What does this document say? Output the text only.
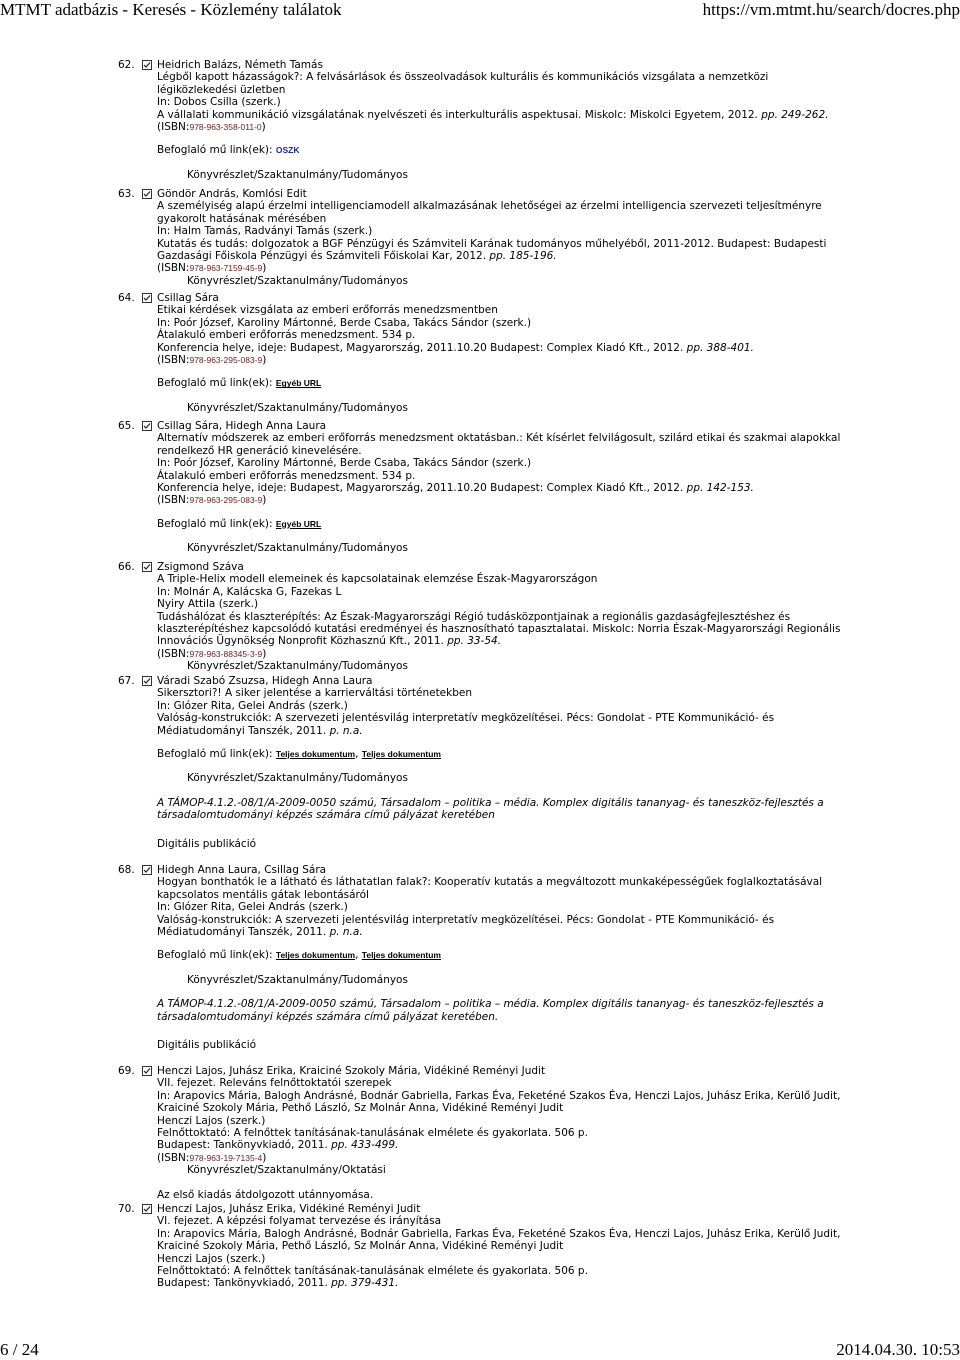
MTMT adatbázis - Keresés - Közlemény találatok	https://vm.mtmt.hu/search/docres.php
62. Heidrich Balázs, Németh Tamás
Légből kapott házasságok?: A felvásárlások és összeolvadások kulturális és kommunikációs vizsgálata a nemzetközi légiközlekedési üzletben
In: Dobos Csilla (szerk.)
A vállalati kommunikáció vizsgálatának nyelvészeti és interkulturális aspektusai. Miskolc: Miskolci Egyetem, 2012. pp. 249-262.
(ISBN:978-963-358-011-0)
Befoglaló mű link(ek): OSZK
Könyvrészlet/Szaktanulmány/Tudományos
63. Göndör András, Komlósi Edit
A személyiség alapú érzelmi intelligenciamodell alkalmazásának lehetőségei az érzelmi intelligencia szervezeti teljesítményre gyakorolt hatásának mérésében
In: Halm Tamás, Radványi Tamás (szerk.)
Kutatás és tudás: dolgozatok a BGF Pénzügyi és Számviteli Karának tudományos műhelyéből, 2011-2012. Budapest: Budapesti Gazdasági Főiskola Pénzügyi és Számviteli Főiskolai Kar, 2012. pp. 185-196.
(ISBN:978-963-7159-45-9)
Könyvrészlet/Szaktanulmány/Tudományos
64. Csillag Sára
Etikai kérdések vizsgálata az emberi erőforrás menedzsmentben
In: Poór József, Karoliny Mártonné, Berde Csaba, Takács Sándor (szerk.)
Átalakuló emberi erőforrás menedzsment. 534 p.
Konferencia helye, ideje: Budapest, Magyarország, 2011.10.20 Budapest: Complex Kiadó Kft., 2012. pp. 388-401.
(ISBN:978-963-295-083-9)
Befoglaló mű link(ek): Egyéb URL
Könyvrészlet/Szaktanulmány/Tudományos
65. Csillag Sára, Hidegh Anna Laura
Alternatív módszerek az emberi erőforrás menedzsment oktatásban.: Két kísérlet felvilágosult, szilárd etikai és szakmai alapokkal rendelkező HR generáció kinevelésére.
In: Poór József, Karoliny Mártonné, Berde Csaba, Takács Sándor (szerk.)
Átalakuló emberi erőforrás menedzsment. 534 p.
Konferencia helye, ideje: Budapest, Magyarország, 2011.10.20 Budapest: Complex Kiadó Kft., 2012. pp. 142-153.
(ISBN:978-963-295-083-9)
Befoglaló mű link(ek): Egyéb URL
Könyvrészlet/Szaktanulmány/Tudományos
66. Zsigmond Száva
A Triple-Helix modell elemeinek és kapcsolatainak elemzése Észak-Magyarországon
In: Molnár A, Kalácska G, Fazekas L
Nyiry Attila (szerk.)
Tudáshálózat és klaszterépítés: Az Észak-Magyarországi Régió tudásközpontjainak a regionális gazdaságfejlesztéshez és klaszterépítéshez kapcsolódó kutatási eredményei és hasznosítható tapasztalatai. Miskolc: Norria Észak-Magyarországi Regionális Innovációs Ügynökség Nonprofit Közhasznú Kft., 2011. pp. 33-54.
(ISBN:978-963-88345-3-9)
Könyvrészlet/Szaktanulmány/Tudományos
67. Váradi Szabó Zsuzsa, Hidegh Anna Laura
Sikersztori?! A siker jelentése a karrierváltási történetekben
In: Glózer Rita, Gelei András (szerk.)
Valóság-konstrukciók: A szervezeti jelentésvilág interpretatív megközelítései. Pécs: Gondolat - PTE Kommunikáció- és Médiatudományi Tanszék, 2011. p. n.a.
Befoglaló mű link(ek): Teljes dokumentum, Teljes dokumentum
Könyvrészlet/Szaktanulmány/Tudományos
A TÁMOP-4.1.2.-08/1/A-2009-0050 számú, Társadalom – politika – média. Komplex digitális tananyag- és taneszköz-fejlesztés a társadalomtudományi képzés számára című pályázat keretében
Digitális publikáció
68. Hidegh Anna Laura, Csillag Sára
Hogyan bonthatók le a látható és láthatatlan falak?: Kooperatív kutatás a megváltozott munkaképességűek foglalkoztatásával kapcsolatos mentális gátak lebontásáról
In: Glózer Rita, Gelei András (szerk.)
Valóság-konstrukciók: A szervezeti jelentésvilág interpretatív megközelítései. Pécs: Gondolat - PTE Kommunikáció- és Médiatudományi Tanszék, 2011. p. n.a.
Befoglaló mű link(ek): Teljes dokumentum, Teljes dokumentum
Könyvrészlet/Szaktanulmány/Tudományos
A TÁMOP-4.1.2.-08/1/A-2009-0050 számú, Társadalom – politika – média. Komplex digitális tananyag- és taneszköz-fejlesztés a társadalomtudományi képzés számára című pályázat keretében.
Digitális publikáció
69. Henczi Lajos, Juhász Erika, Kraiciné Szokoly Mária, Vidékiné Reményi Judit
VII. fejezet. Releváns felnőttoktatói szerepek
In: Arapovics Mária, Balogh Andrásné, Bodnár Gabriella, Farkas Éva, Feketéné Szakos Éva, Henczi Lajos, Juhász Erika, Kerülő Judit, Kraiciné Szokoly Mária, Pethő László, Sz Molnár Anna, Vidékiné Reményi Judit
Henczi Lajos (szerk.)
Felnőttoktató: A felnőttek tanításának-tanulásának elmélete és gyakorlata. 506 p.
Budapest: Tankönyvkiadó, 2011. pp. 433-499.
(ISBN:978-963-19-7135-4)
Könyvrészlet/Szaktanulmány/Oktatási
Az első kiadás átdolgozott utánnyomása.
70. Henczi Lajos, Juhász Erika, Vidékiné Reményi Judit
VI. fejezet. A képzési folyamat tervezése és irányítása
In: Arapovics Mária, Balogh Andrásné, Bodnár Gabriella, Farkas Éva, Feketéné Szakos Éva, Henczi Lajos, Juhász Erika, Kerülő Judit, Kraiciné Szokoly Mária, Pethő László, Sz Molnár Anna, Vidékiné Reményi Judit
Henczi Lajos (szerk.)
Felnőttoktató: A felnőttek tanításának-tanulásának elmélete és gyakorlata. 506 p.
Budapest: Tankönyvkiadó, 2011. pp. 379-431.
6 / 24	2014.04.30. 10:53
